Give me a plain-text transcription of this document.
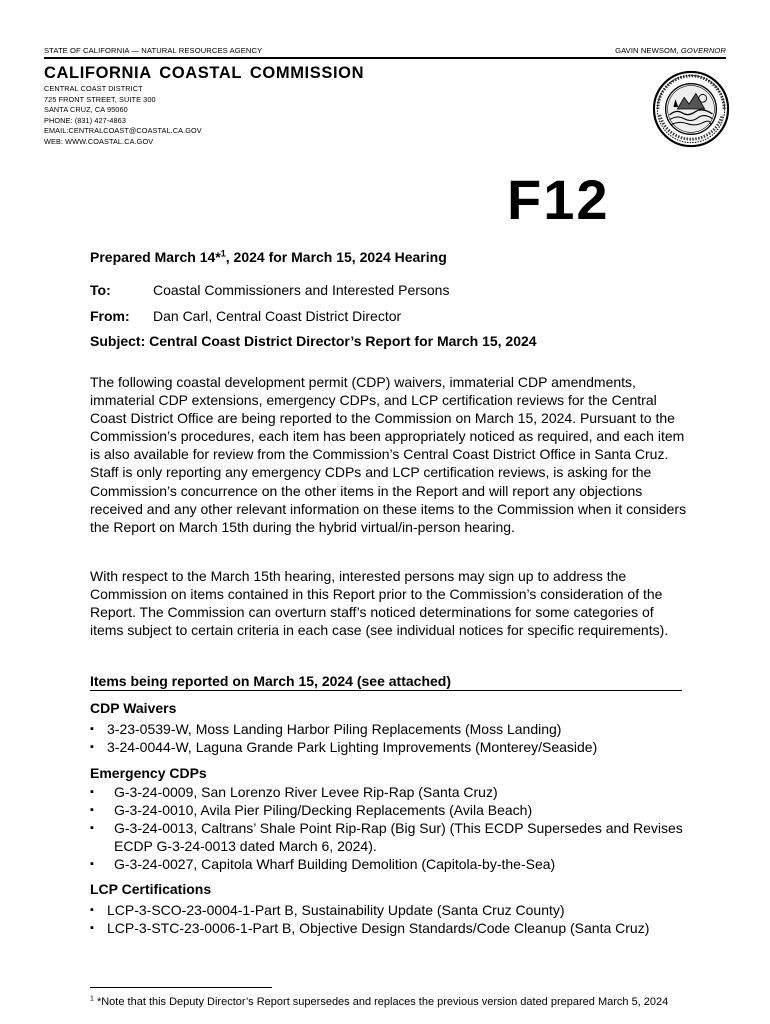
STATE OF CALIFORNIA — NATURAL RESOURCES AGENCY	GAVIN NEWSOM, GOVERNOR
CALIFORNIA COASTAL COMMISSION
CENTRAL COAST DISTRICT
725 FRONT STREET, SUITE 300
SANTA CRUZ, CA 95060
PHONE: (831) 427-4863
EMAIL:CENTRALCOAST@COASTAL.CA.GOV
WEB: WWW.COASTAL.CA.GOV
F12
Prepared March 14*$^1$, 2024 for March 15, 2024 Hearing
To:	Coastal Commissioners and Interested Persons
From: Dan Carl, Central Coast District Director
Subject: Central Coast District Director’s Report for March 15, 2024

The following coastal development permit (CDP) waivers, immaterial CDP amendments, immaterial CDP extensions, emergency CDPs, and LCP certification reviews for the Central Coast District Office are being reported to the Commission on March 15, 2024. Pursuant to the Commission’s procedures, each item has been appropriately noticed as required, and each item is also available for review from the Commission’s Central Coast District Office in Santa Cruz. Staff is only reporting any emergency CDPs and LCP certification reviews, is asking for the Commission’s concurrence on the other items in the Report and will report any objections received and any other relevant information on these items to the Commission when it considers the Report on March 15th during the hybrid virtual/in-person hearing.

With respect to the March 15th hearing, interested persons may sign up to address the Commission on items contained in this Report prior to the Commission’s consideration of the Report. The Commission can overturn staff’s noticed determinations for some categories of items subject to certain criteria in each case (see individual notices for specific requirements).

Items being reported on March 15, 2024 (see attached)
CDP Waivers
▪ 3-23-0539-W, Moss Landing Harbor Piling Replacements (Moss Landing)
▪ 3-24-0044-W, Laguna Grande Park Lighting Improvements (Monterey/Seaside)
Emergency CDPs
▪ G-3-24-0009, San Lorenzo River Levee Rip-Rap (Santa Cruz)
▪ G-3-24-0010, Avila Pier Piling/Decking Replacements (Avila Beach)
▪ G-3-24-0013, Caltrans’ Shale Point Rip-Rap (Big Sur) (This ECDP Supersedes and Revises ECDP G-3-24-0013 dated March 6, 2024).
▪ G-3-24-0027, Capitola Wharf Building Demolition (Capitola-by-the-Sea)
LCP Certifications
▪ LCP-3-SCO-23-0004-1-Part B, Sustainability Update (Santa Cruz County)
▪ LCP-3-STC-23-0006-1-Part B, Objective Design Standards/Code Cleanup (Santa Cruz)
$^1$ *Note that this Deputy Director’s Report supersedes and replaces the previous version dated prepared March 5, 2024
